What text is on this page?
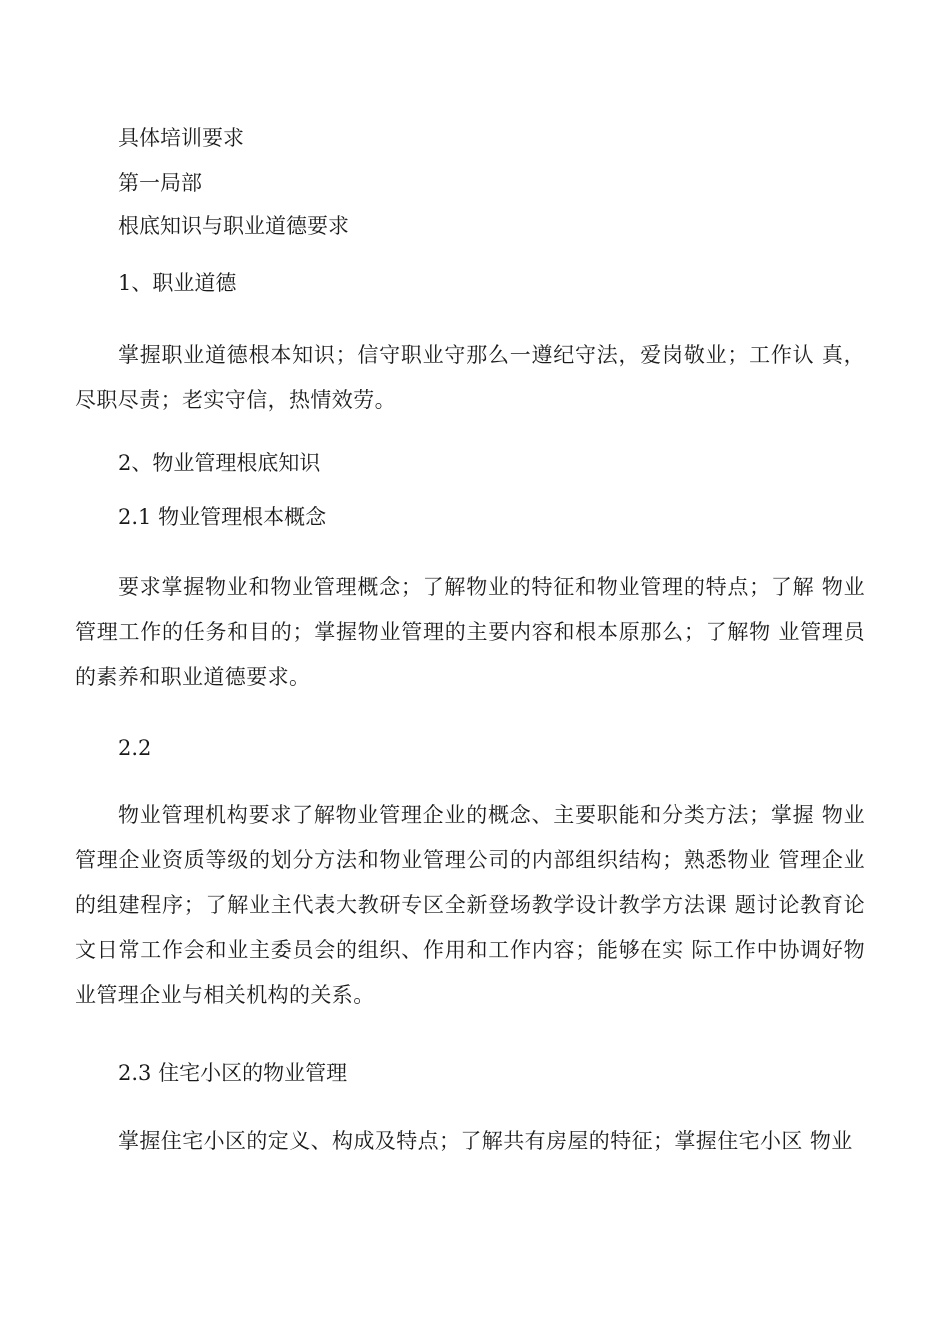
具体培训要求
第一局部
根底知识与职业道德要求
1、职业道德
掌握职业道德根本知识；信守职业守那么一遵纪守法，爱岗敬业；工作认 真，尽职尽责；老实守信，热情效劳。
2、物业管理根底知识
2.1 物业管理根本概念
要求掌握物业和物业管理概念；了解物业的特征和物业管理的特点；了解 物业管理工作的任务和目的；掌握物业管理的主要内容和根本原那么；了解物 业管理员的素养和职业道德要求。
2.2
物业管理机构要求了解物业管理企业的概念、主要职能和分类方法；掌握 物业管理企业资质等级的划分方法和物业管理公司的内部组织结构；熟悉物业 管理企业的组建程序；了解业主代表大教研专区全新登场教学设计教学方法课 题讨论教育论文日常工作会和业主委员会的组织、作用和工作内容；能够在实 际工作中协调好物业管理企业与相关机构的关系。
2.3 住宅小区的物业管理
掌握住宅小区的定义、构成及特点；了解共有房屋的特征；掌握住宅小区 物业
